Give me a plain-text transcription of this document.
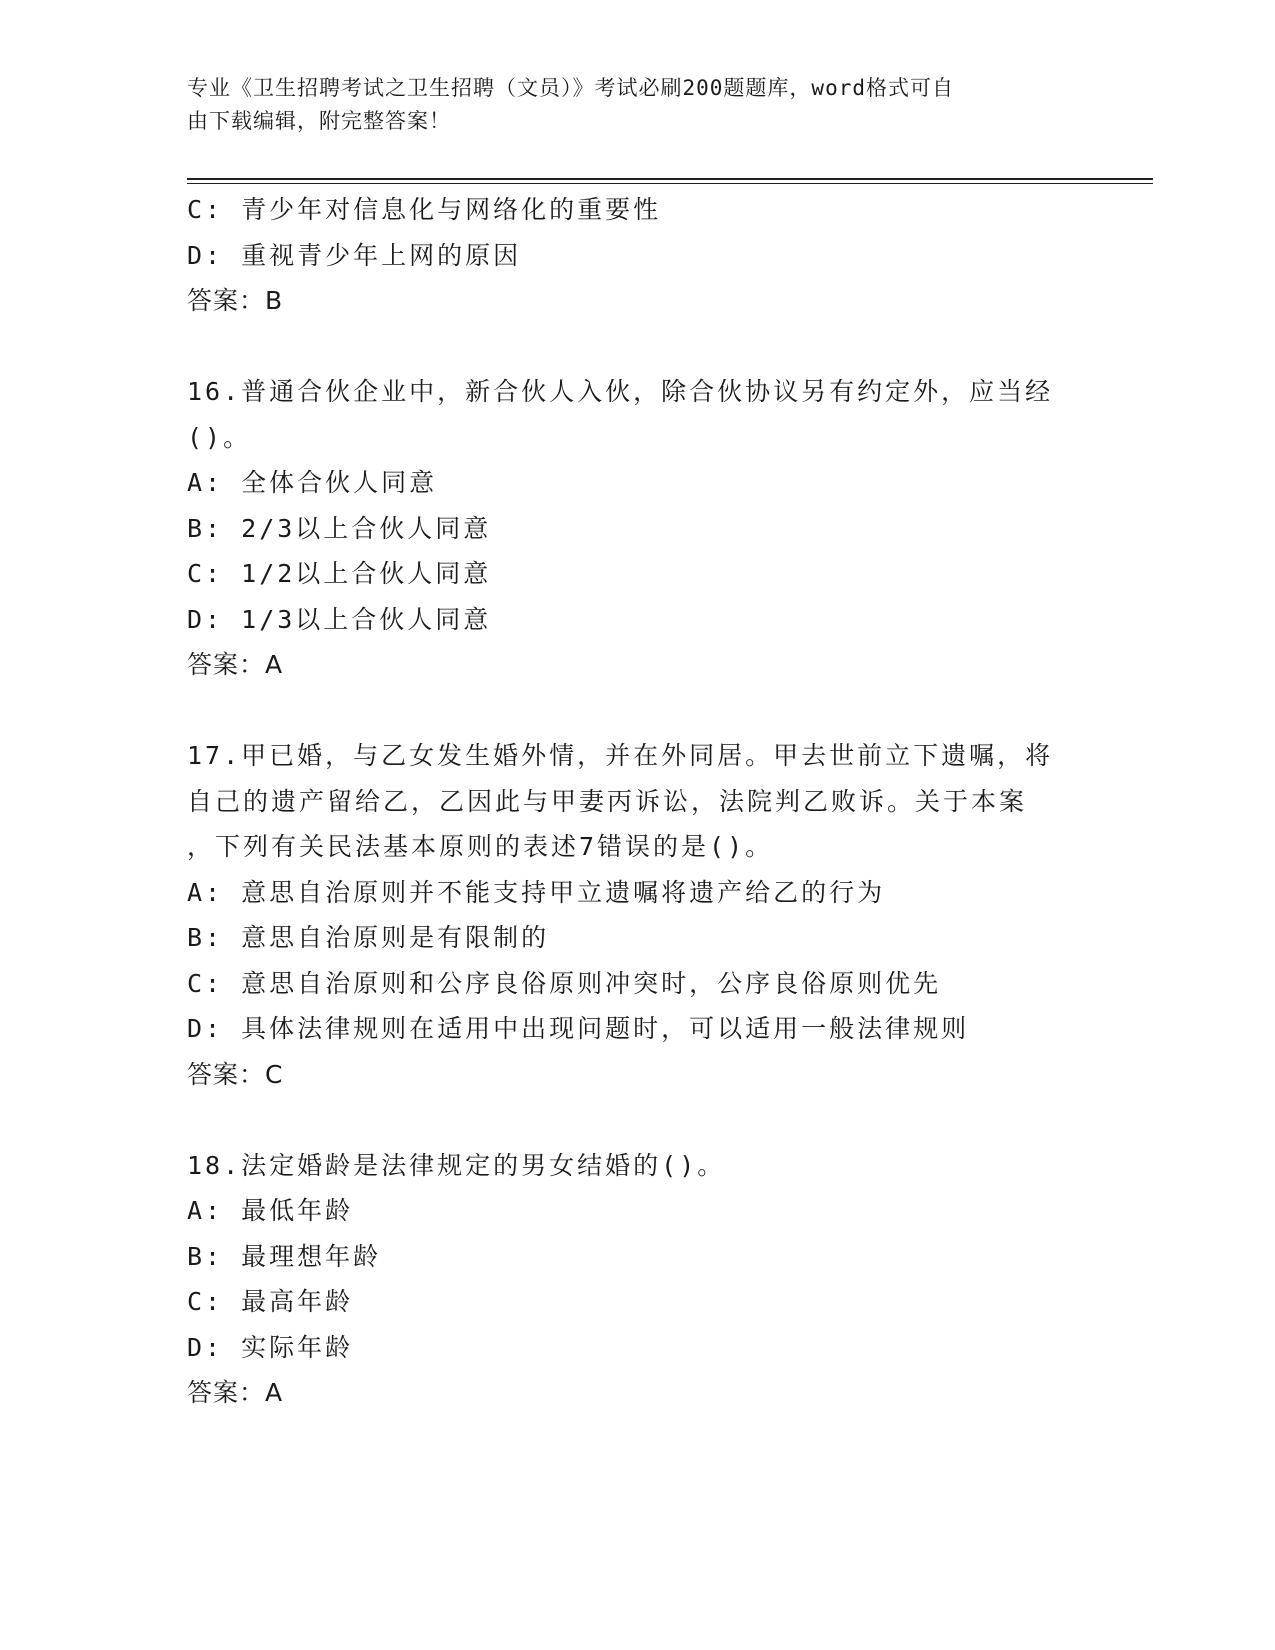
专业《卫生招聘考试之卫生招聘（文员）》考试必刷200题题库，word格式可自
由下载编辑，附完整答案！
C: 青少年对信息化与网络化的重要性
D: 重视青少年上网的原因
答案：B
16.普通合伙企业中，新合伙人入伙，除合伙协议另有约定外，应当经
()。
A: 全体合伙人同意
B: 2/3以上合伙人同意
C: 1/2以上合伙人同意
D: 1/3以上合伙人同意
答案：A
17.甲已婚，与乙女发生婚外情，并在外同居。甲去世前立下遗嘱，将
自己的遗产留给乙，乙因此与甲妻丙诉讼，法院判乙败诉。关于本案
，下列有关民法基本原则的表述7错误的是()。
A: 意思自治原则并不能支持甲立遗嘱将遗产给乙的行为
B: 意思自治原则是有限制的
C: 意思自治原则和公序良俗原则冲突时，公序良俗原则优先
D: 具体法律规则在适用中出现问题时，可以适用一般法律规则
答案：C
18.法定婚龄是法律规定的男女结婚的()。
A: 最低年龄
B: 最理想年龄
C: 最高年龄
D: 实际年龄
答案：A
